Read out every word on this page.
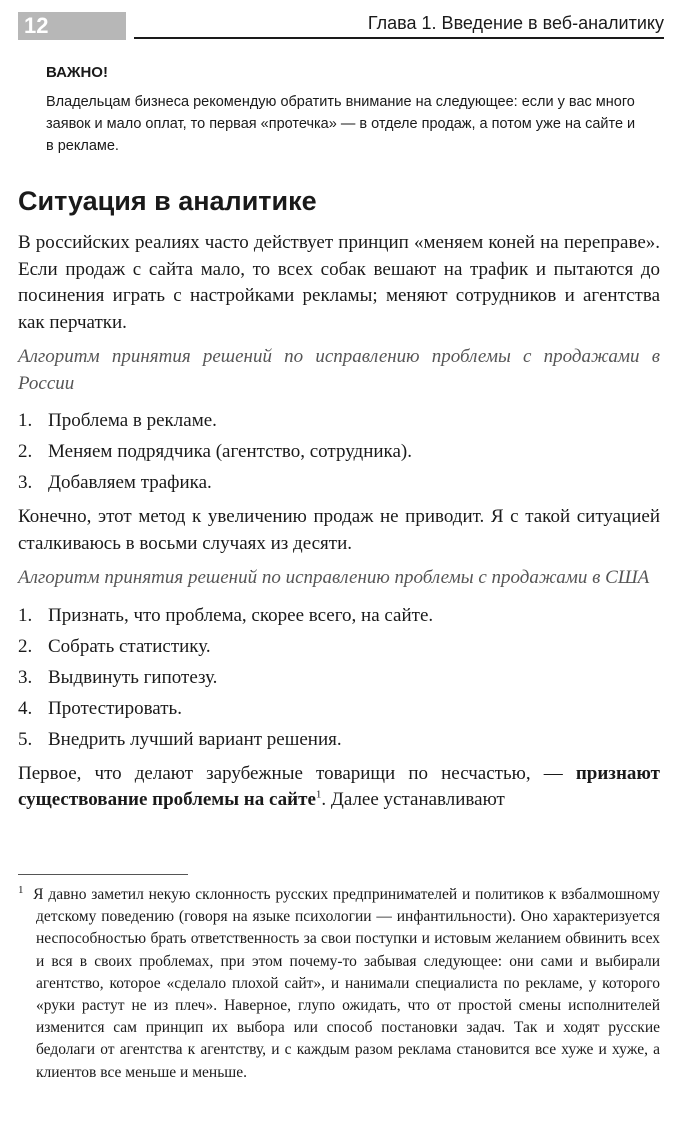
12	Глава 1. Введение в веб-аналитику

ВАЖНО!

Владельцам бизнеса рекомендую обратить внимание на следующее: если у вас много заявок и мало оплат, то первая «протечка» — в отделе продаж, а потом уже на сайте и в рекламе.

Ситуация в аналитике

В российских реалиях часто действует принцип «меняем коней на переправе». Если продаж с сайта мало, то всех собак вешают на трафик и пытаются до посинения играть с настройками рекламы; меняют сотрудников и агентства как перчатки.

Алгоритм принятия решений по исправлению проблемы с продажами в России

1. Проблема в рекламе.
2. Меняем подрядчика (агентство, сотрудника).
3. Добавляем трафика.

Конечно, этот метод к увеличению продаж не приводит. Я с такой ситуацией сталкиваюсь в восьми случаях из десяти.

Алгоритм принятия решений по исправлению проблемы с продажами в США

1. Признать, что проблема, скорее всего, на сайте.
2. Собрать статистику.
3. Выдвинуть гипотезу.
4. Протестировать.
5. Внедрить лучший вариант решения.

Первое, что делают зарубежные товарищи по несчастью, — признают существование проблемы на сайте$^1$. Далее устанавливают

$^1$ Я давно заметил некую склонность русских предпринимателей и политиков к взбалмошному детскому поведению (говоря на языке психологии — инфантильности). Оно характеризуется неспособностью брать ответственность за свои поступки и истовым желанием обвинить всех и вся в своих проблемах, при этом почему-то забывая следующее: они сами и выбирали агентство, которое «сделало плохой сайт», и нанимали специалиста по рекламе, у которого «руки растут не из плеч». Наверное, глупо ожидать, что от простой смены исполнителей изменится сам принцип их выбора или способ постановки задач. Так и ходят русские бедолаги от агентства к агентству, и с каждым разом реклама становится все хуже и хуже, а клиентов все меньше и меньше.
